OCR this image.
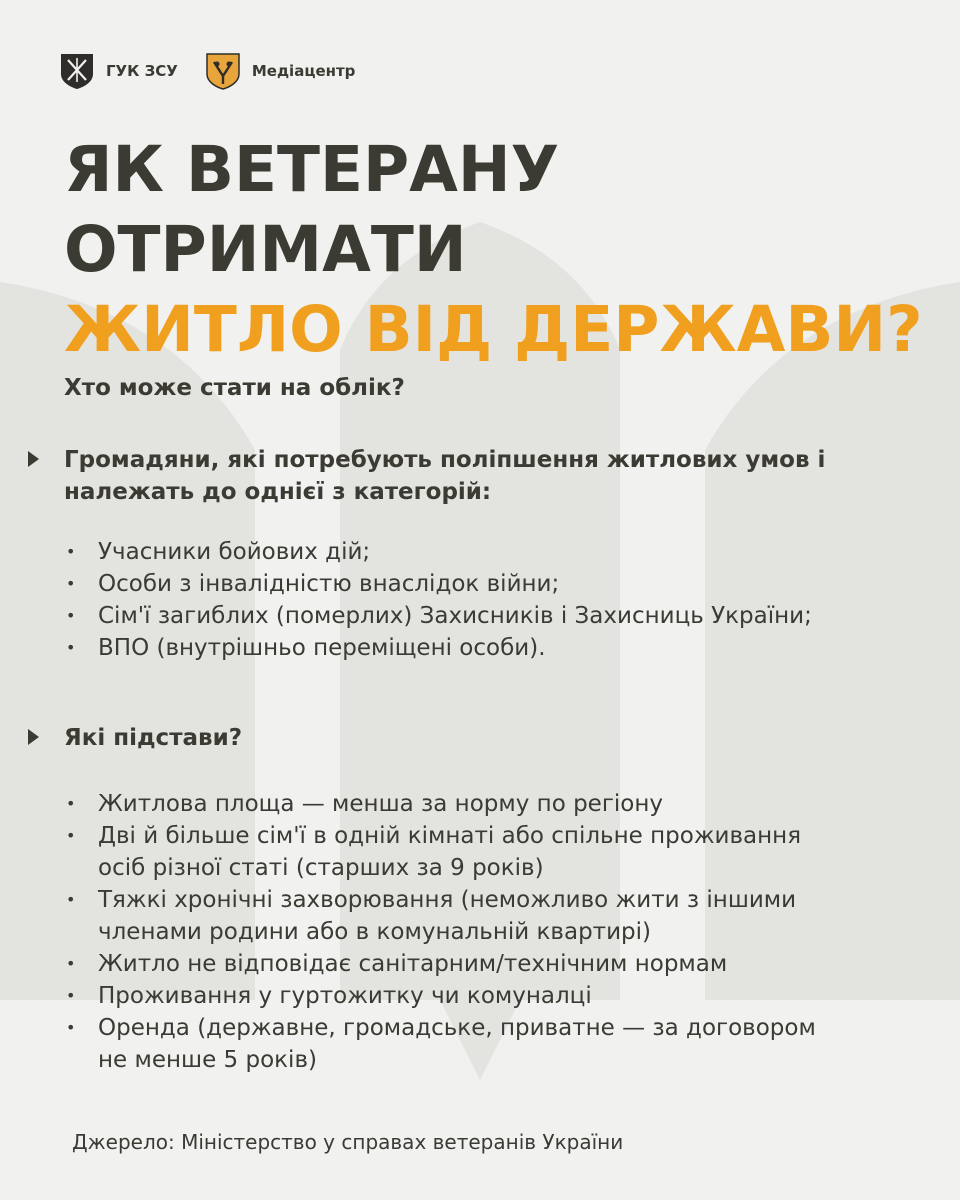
ГУК ЗСУ	Медіацентр
ЯК ВЕТЕРАНУ ОТРИМАТИ
ЖИТЛО ВІД ДЕРЖАВИ?
Хто може стати на облік?
Громадяни, які потребують поліпшення житлових умов і
належать до однієї з категорій:
• Учасники бойових дій;
• Особи з інвалідністю внаслідок війни;
• Сім'ї загиблих (померлих) Захисників і Захисниць України;
• ВПО (внутрішньо переміщені особи).
Які підстави?
• Житлова площа — менша за норму по регіону
• Дві й більше сім'ї в одній кімнаті або спільне проживання
осіб різної статі (старших за 9 років)
• Тяжкі хронічні захворювання (неможливо жити з іншими
членами родини або в комунальній квартирі)
• Житло не відповідає санітарним/технічним нормам
• Проживання у гуртожитку чи комуналці
• Оренда (державне, громадське, приватне — за договором
не менше 5 років)
Джерело: Міністерство у справах ветеранів України
